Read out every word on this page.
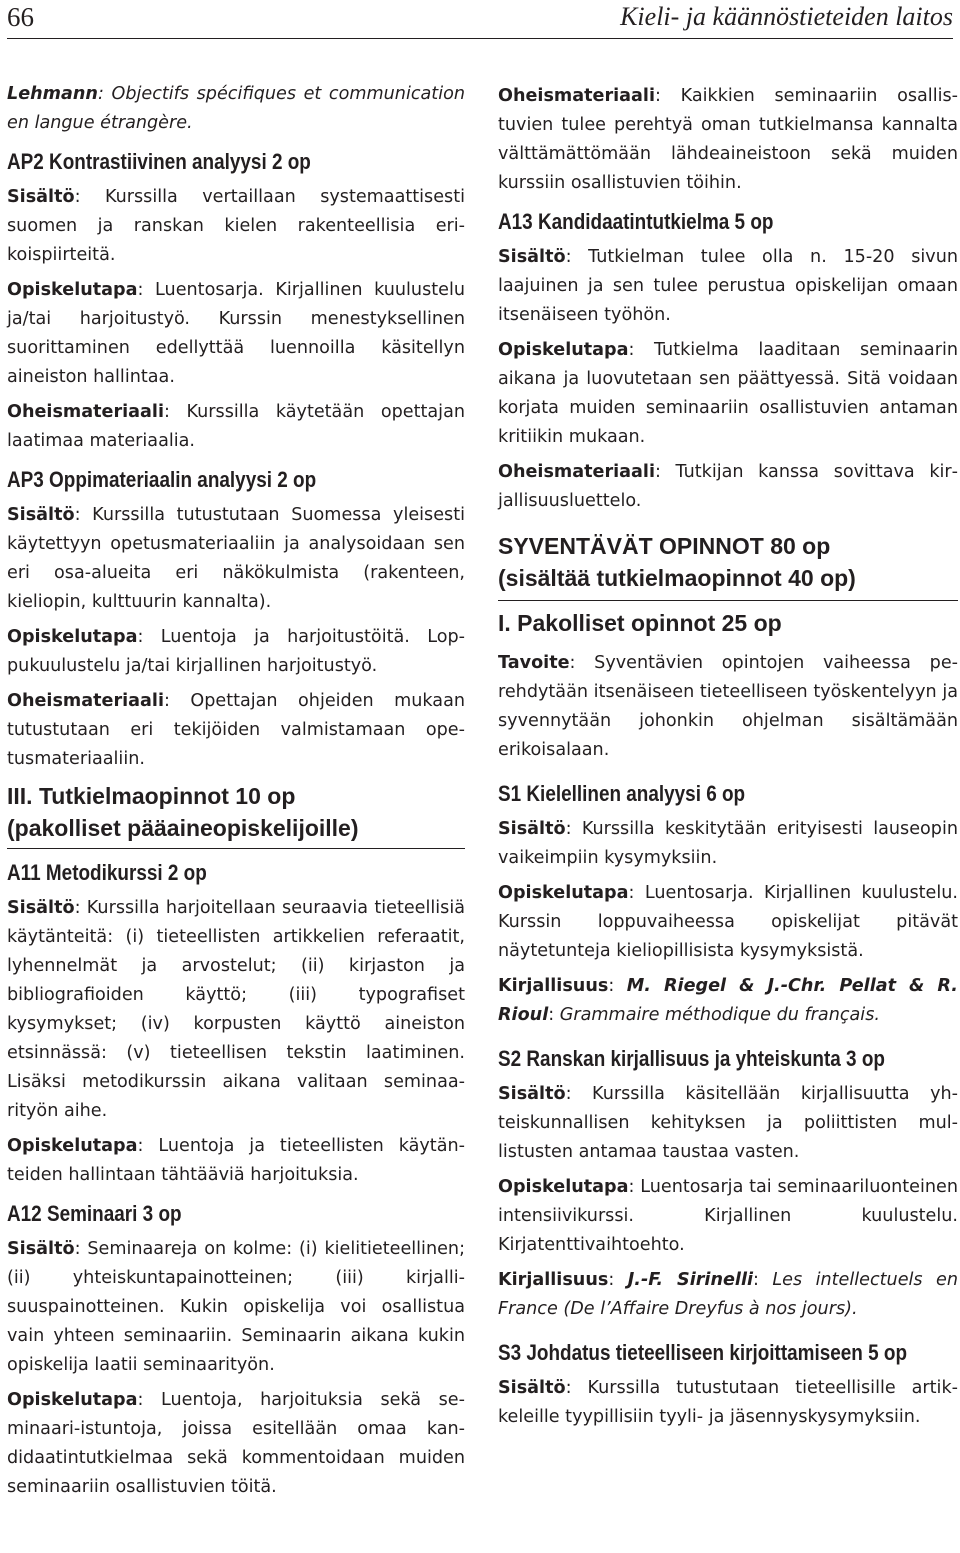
66	Kieli- ja käännöstieteiden laitos

Lehmann: Objectifs spécifiques et communication en langue étrangère.

AP2 Kontrastiivinen analyysi 2 op

Sisältö: Kurssilla vertaillaan systemaattisesti suomen ja ranskan kielen rakenteellisia erikoispiirteitä.

Opiskelutapa: Luentosarja. Kirjallinen kuulustelu ja/tai harjoitustyö. Kurssin menestyksellinen suorittaminen edellyttää luennoilla käsitellyn aineiston hallintaa.

Oheismateriaali: Kurssilla käytetään opettajan laatimaa materiaalia.

AP3 Oppimateriaalin analyysi 2 op

Sisältö: Kurssilla tutustutaan Suomessa yleisesti käytettyyn opetusmateriaaliin ja analysoidaan sen eri osa-alueita eri näkökulmista (rakenteen, kieliopin, kulttuurin kannalta).

Opiskelutapa: Luentoja ja harjoitustöitä. Loppukuulustelu ja/tai kirjallinen harjoitustyö.

Oheismateriaali: Opettajan ohjeiden mukaan tutustutaan eri tekijöiden valmistamaan opetusmateriaaliin.

III. Tutkielmaopinnot 10 op
(pakolliset pääaineopiskelijoille)
A11 Metodikurssi 2 op

Sisältö: Kurssilla harjoitellaan seuraavia tieteellisiä käytänteitä: (i) tieteellisten artikkelien referaatit, lyhennelmät ja arvostelut; (ii) kirjaston ja bibliografioiden käyttö; (iii) typografiset kysymykset; (iv) korpusten käyttö aineiston etsinnässä: (v) tieteellisen tekstin laatiminen. Lisäksi metodikurssin aikana valitaan seminaarityön aihe.

Opiskelutapa: Luentoja ja tieteellisten käytänteiden hallintaan tähtääviä harjoituksia.

A12 Seminaari 3 op

Sisältö: Seminaareja on kolme: (i) kielitieteellinen; (ii) yhteiskuntapainotteinen; (iii) kirjallisuuspainotteinen. Kukin opiskelija voi osallistua vain yhteen seminaariin. Seminaarin aikana kukin opiskelija laatii seminaarityön.

Opiskelutapa: Luentoja, harjoituksia sekä seminaari-istuntoja, joissa esitellään omaa kandidaatintutkielmaa sekä kommentoidaan muiden seminaariin osallistuvien töitä.

Oheismateriaali: Kaikkien seminaariin osallistuvien tulee perehtyä oman tutkielmansa kannalta välttämättömään lähdeaineistoon sekä muiden kurssiin osallistuvien töihin.

A13 Kandidaatintutkielma 5 op

Sisältö: Tutkielman tulee olla n. 15-20 sivun laajuinen ja sen tulee perustua opiskelijan omaan itsenäiseen työhön.

Opiskelutapa: Tutkielma laaditaan seminaarin aikana ja luovutetaan sen päättyessä. Sitä voidaan korjata muiden seminaariin osallistuvien antaman kritiikin mukaan.

Oheismateriaali: Tutkijan kanssa sovittava kirjallisuusluettelo.

SYVENTÄVÄT OPINNOT 80 op
(sisältää tutkielmaopinnot 40 op)
I. Pakolliset opinnot 25 op

Tavoite: Syventävien opintojen vaiheessa perehdytään itsenäiseen tieteelliseen työskentelyyn ja syvennytään johonkin ohjelman sisältämään erikoisalaan.

S1 Kielellinen analyysi 6 op

Sisältö: Kurssilla keskitytään erityisesti lauseopin vaikeimpiin kysymyksiin.

Opiskelutapa: Luentosarja. Kirjallinen kuulustelu. Kurssin loppuvaiheessa opiskelijat pitävät näytetunteja kieliopillisista kysymyksistä.

Kirjallisuus: M. Riegel & J.-Chr. Pellat & R. Rioul: Grammaire méthodique du français.

S2 Ranskan kirjallisuus ja yhteiskunta 3 op

Sisältö: Kurssilla käsitellään kirjallisuutta yhteiskunnallisen kehityksen ja poliittisten mullistusten antamaa taustaa vasten.

Opiskelutapa: Luentosarja tai seminaariluonteinen intensiivikurssi. Kirjallinen kuulustelu. Kirjatenttivaihtoehto.

Kirjallisuus: J.-F. Sirinelli: Les intellectuels en France (De l’Affaire Dreyfus à nos jours).

S3 Johdatus tieteelliseen kirjoittamiseen 5 op

Sisältö: Kurssilla tutustutaan tieteellisille artikkeleille tyypillisiin tyyli- ja jäsennyskysymyksiin.
